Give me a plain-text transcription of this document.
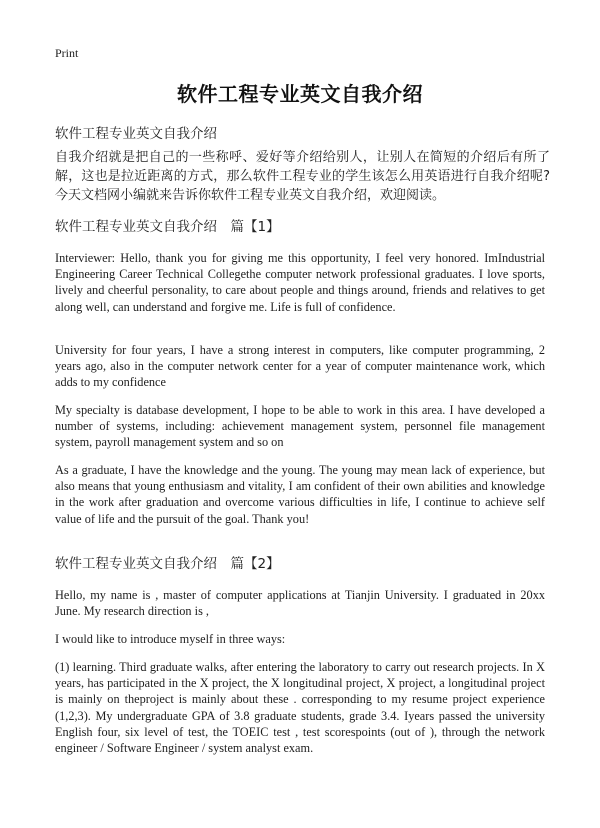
Print
软件工程专业英文自我介绍
软件工程专业英文自我介绍
自我介绍就是把自己的一些称呼、爱好等介绍给别人，让别人在简短的介绍后有所了解，这也是拉近距离的方式，那么软件工程专业的学生该怎么用英语进行自我介绍呢?今天文档网小编就来告诉你软件工程专业英文自我介绍，欢迎阅读。
软件工程专业英文自我介绍　篇【1】

Interviewer: Hello, thank you for giving me this opportunity, I feel very honored. ImIndustrial Engineering Career Technical Collegethe computer network professional graduates. I love sports, lively and cheerful personality, to care about people and things around, friends and relatives to get along well, can understand and forgive me. Life is full of confidence.

University for four years, I have a strong interest in computers, like computer programming, 2 years ago, also in the computer network center for a year of computer maintenance work, which adds to my confidence

My specialty is database development, I hope to be able to work in this area. I have developed a number of systems, including: achievement management system, personnel file management system, payroll management system and so on

As a graduate, I have the knowledge and the young. The young may mean lack of experience, but also means that young enthusiasm and vitality, I am confident of their own abilities and knowledge in the work after graduation and overcome various difficulties in life, I continue to achieve self value of life and the pursuit of the goal. Thank you!

软件工程专业英文自我介绍　篇【2】

Hello, my name is , master of computer applications at Tianjin University. I graduated in 20xx June. My research direction is ,

I would like to introduce myself in three ways:

(1) learning. Third graduate walks, after entering the laboratory to carry out research projects. In X years, has participated in the X project, the X longitudinal project, X project, a longitudinal project is mainly on theproject is mainly about these . corresponding to my resume project experience (1,2,3). My undergraduate GPA of 3.8 graduate students, grade 3.4. Iyears passed the university English four, six level of test, the TOEIC test , test scorespoints (out of ), through the network engineer / Software Engineer / system analyst exam.
